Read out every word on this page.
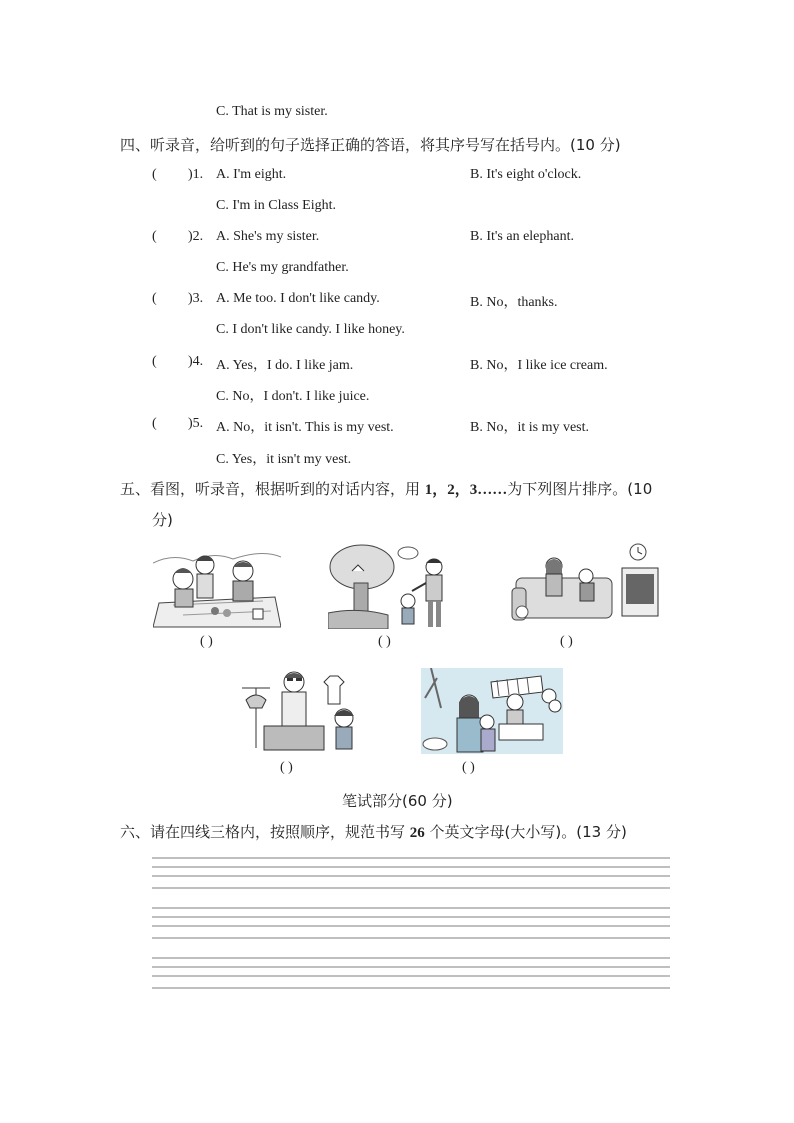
C. That is my sister.
四、听录音，给听到的句子选择正确的答语，将其序号写在括号内。(10 分)
( )1. A. I'm eight.	B. It's eight o'clock.
C. I'm in Class Eight.
( )2. A. She's my sister.	B. It's an elephant.
C. He's my grandfather.
( )3. A. Me too. I don't like candy.	B. No，thanks.
C. I don't like candy. I like honey.
( )4. A. Yes，I do. I like jam.	B. No，I like ice cream.
C. No，I don't. I like juice.
( )5. A. No，it isn't. This is my vest.	B. No，it is my vest.
C. Yes，it isn't my vest.
五、看图，听录音，根据听到的对话内容，用 1，2，3……为下列图片排序。(10
分)
( )	( )	( )
( )	( )
笔试部分(60 分)
六、请在四线三格内，按照顺序，规范书写 26 个英文字母(大小写)。(13 分)
